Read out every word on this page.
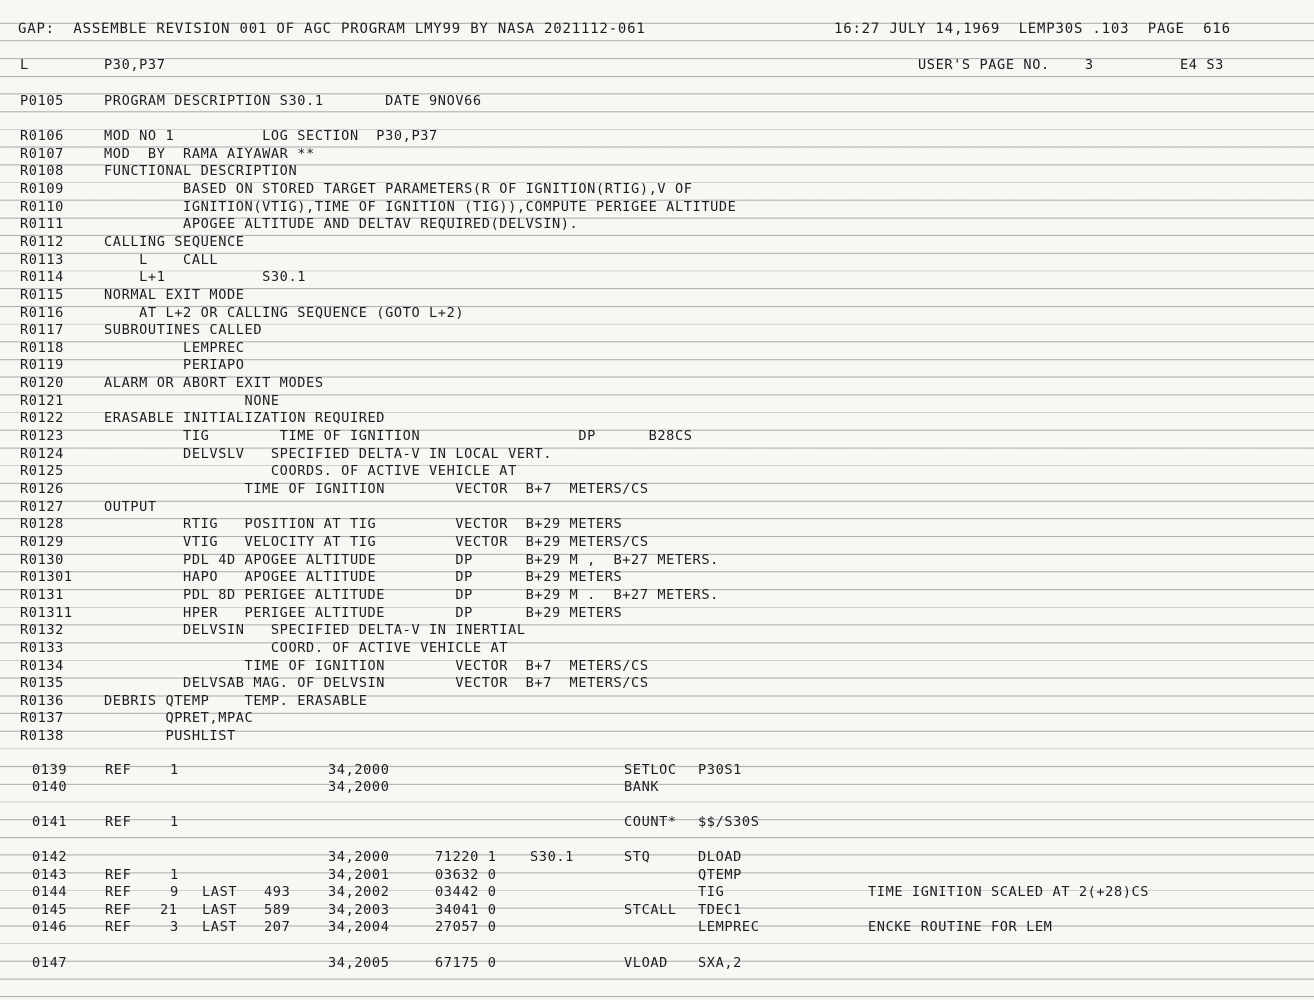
GAP:  ASSEMBLE REVISION 001 OF AGC PROGRAM LMY99 BY NASA 2021112-061

	16:27 JULY 14,1969  LEMP30S .103  PAGE  616

L

	P30,P37

	USER'S PAGE NO.    3

	E4 S3

P0105

	PROGRAM DESCRIPTION S30.1       DATE 9NOV66

R0106	MOD NO 1          LOG SECTION  P30,P37
R0107	MOD  BY  RAMA AIYAWAR **
R0108	FUNCTIONAL DESCRIPTION
R0109	BASED ON STORED TARGET PARAMETERS(R OF IGNITION(RTIG),V OF
R0110	IGNITION(VTIG),TIME OF IGNITION (TIG)),COMPUTE PERIGEE ALTITUDE
R0111	APOGEE ALTITUDE AND DELTAV REQUIRED(DELVSIN).
R0112	CALLING SEQUENCE
R0113	L    CALL
R0114	L+1           S30.1
R0115	NORMAL EXIT MODE
R0116	AT L+2 OR CALLING SEQUENCE (GOTO L+2)
R0117	SUBROUTINES CALLED
R0118	LEMPREC
R0119	PERIAPO
R0120	ALARM OR ABORT EXIT MODES
R0121	NONE
R0122	ERASABLE INITIALIZATION REQUIRED
R0123	TIG        TIME OF IGNITION                  DP      B28CS
R0124	DELVSLV   SPECIFIED DELTA-V IN LOCAL VERT.
R0125	COORDS. OF ACTIVE VEHICLE AT
R0126	TIME OF IGNITION        VECTOR  B+7  METERS/CS
R0127	OUTPUT
R0128	RTIG   POSITION AT TIG         VECTOR  B+29 METERS
R0129	VTIG   VELOCITY AT TIG         VECTOR  B+29 METERS/CS
R0130	PDL 4D APOGEE ALTITUDE         DP      B+29 M ,  B+27 METERS.
R01301 HAPO   APOGEE ALTITUDE         DP      B+29 METERS
R0131	PDL 8D PERIGEE ALTITUDE        DP      B+29 M .  B+27 METERS.
R01311 HPER   PERIGEE ALTITUDE        DP      B+29 METERS
R0132	DELVSIN   SPECIFIED DELTA-V IN INERTIAL
R0133	COORD. OF ACTIVE VEHICLE AT
R0134	TIME OF IGNITION        VECTOR  B+7  METERS/CS
R0135	DELVSAB MAG. OF DELVSIN        VECTOR  B+7  METERS/CS
R0136	DEBRIS QTEMP    TEMP. ERASABLE
R0137	QPRET,MPAC
R0138	PUSHLIST
0139	REF	1	34,2000	SETLOC P30S1
0140	34,2000	BANK
0141	REF	1	COUNT* $$/S30S
0142	34,2000	71220 1 S30.1	STQ	DLOAD
0143	REF	1	34,2001	03632 0	QTEMP
0144	REF	9 LAST 493	34,2002	03442 0	TIG	TIME IGNITION SCALED AT 2(+28)CS
0145	REF 21 LAST 589	34,2003	34041 0	STCALL TDEC1
0146	REF	3 LAST 207	34,2004	27057 0	LEMPREC	ENCKE ROUTINE FOR LEM
0147	34,2005	67175 0	VLOAD SXA,2
